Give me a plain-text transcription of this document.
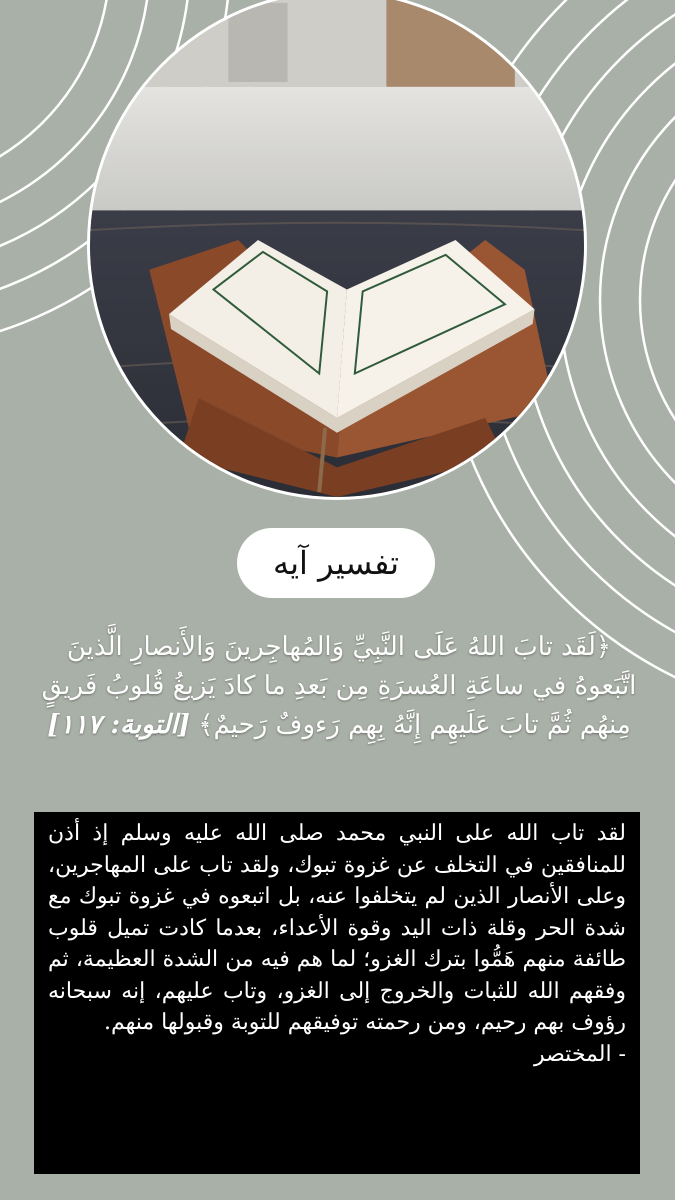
تفسير آيه
﴿لَقَد تابَ اللهُ عَلَى النَّبِيِّ وَالمُهاجِرينَ وَالأَنصارِ الَّذينَ اتَّبَعوهُ في ساعَةِ العُسرَةِ مِن بَعدِ ما كادَ يَزيغُ قُلوبُ فَريقٍ مِنهُم ثُمَّ تابَ عَلَيهِم إِنَّهُ بِهِم رَءوفٌ رَحيمٌ﴾ [التوبة: ١١٧]

لقد تاب الله على النبي محمد صلى الله عليه وسلم إذ أذن للمنافقين في التخلف عن غزوة تبوك، ولقد تاب على المهاجرين، وعلى الأنصار الذين لم يتخلفوا عنه، بل اتبعوه في غزوة تبوك مع شدة الحر وقلة ذات اليد وقوة الأعداء، بعدما كادت تميل قلوب طائفة منهم هَمُّوا بترك الغزو؛ لما هم فيه من الشدة العظيمة، ثم وفقهم الله للثبات والخروج إلى الغزو، وتاب عليهم، إنه سبحانه رؤوف بهم رحيم، ومن رحمته توفيقهم للتوبة وقبولها منهم.

- المختصر
